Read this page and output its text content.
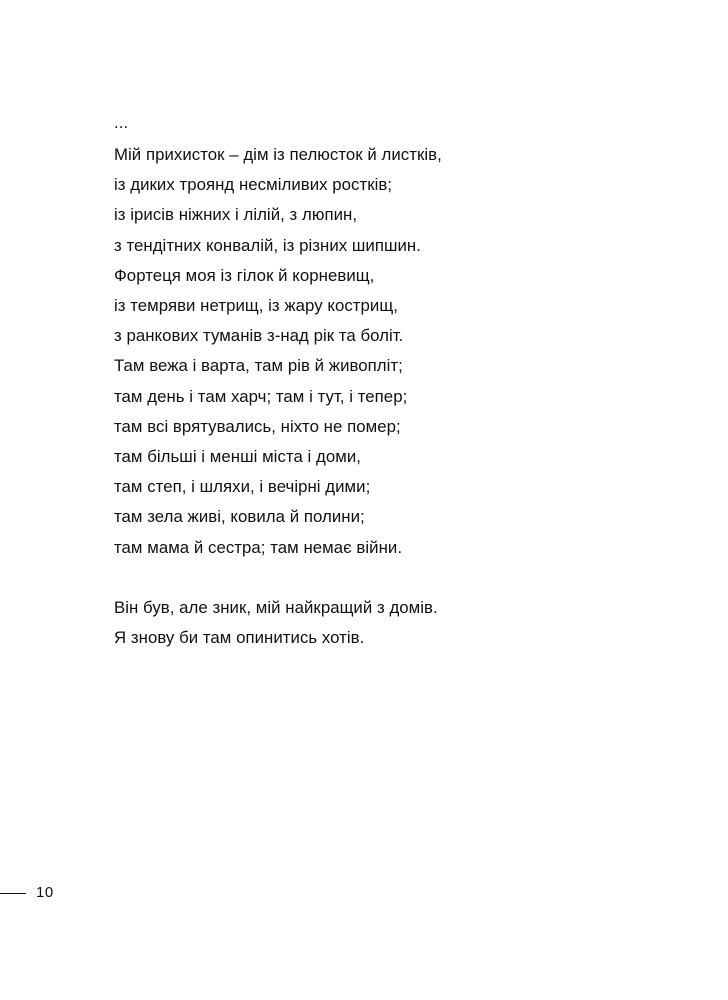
...
Мій прихисток – дім із пелюсток й листків,
із диких троянд несміливих ростків;
із ірисів ніжних і лілій, з люпин,
з тендітних конвалій, із різних шипшин.
Фортеця моя із гілок й корневищ,
із темряви нетрищ, із жару кострищ,
з ранкових туманів з-над рік та боліт.
Там вежа і варта, там рів й живопліт;
там день і там харч; там і тут, і тепер;
там всі врятувались, ніхто не помер;
там більші і менші міста і доми,
там степ, і шляхи, і вечірні дими;
там зела живі, ковила й полини;
там мама й сестра; там немає війни.
Він був, але зник, мій найкращий з домів.
Я знову би там опинитись хотів.
10
